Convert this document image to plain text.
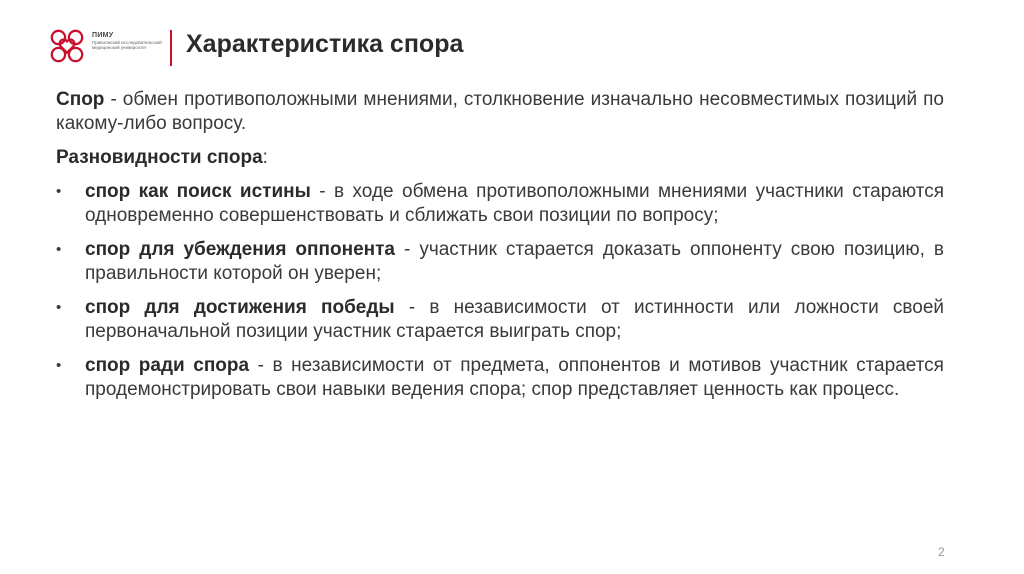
ПИМУ
Приволжский исследовательский медицинский университет	Характеристика спора

Спор - обмен противоположными мнениями, столкновение изначально несовместимых позиций по какому-либо вопросу.

Разновидности спора:

• спор как поиск истины - в ходе обмена противоположными мнениями участники стараются одновременно совершенствовать и сближать свои позиции по вопросу;
• спор для убеждения оппонента - участник старается доказать оппоненту свою позицию, в правильности которой он уверен;
• спор для достижения победы - в независимости от истинности или ложности своей первоначальной позиции участник старается выиграть спор;
• спор ради спора - в независимости от предмета, оппонентов и мотивов участник старается продемонстрировать свои навыки ведения спора; спор представляет ценность как процесс.
2
